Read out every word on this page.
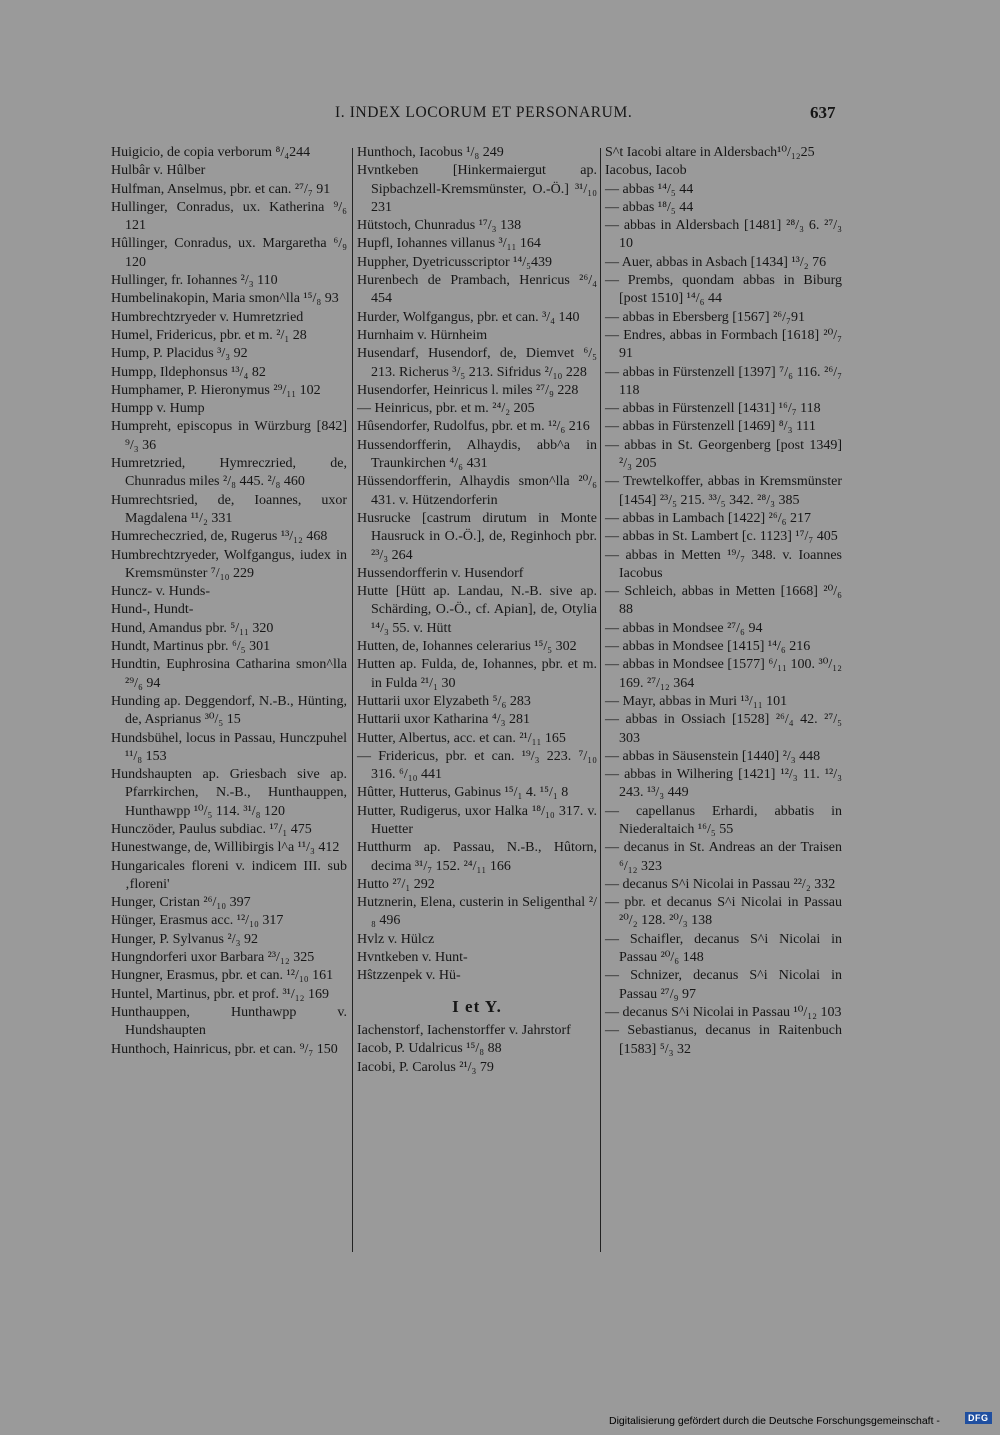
I. INDEX LOCORUM ET PERSONARUM.	637

Huigicio, de copia verborum ⁸/₄244

Hulbâr v. Hûlber

Hulfman, Anselmus, pbr. et can. ²⁷/₇ 91

Hullinger, Conradus, ux. Katherina ⁹/₆ 121

Hûllinger, Conradus, ux. Margaretha ⁶/₉ 120

Hullinger, fr. Iohannes ²/₃ 110

Humbelinakopin, Maria smon^lla ¹⁵/₈ 93

Humbrechtzryeder v. Humretzried

Humel, Fridericus, pbr. et m. ²/₁ 28

Hump, P. Placidus ³/₃ 92

Humpp, Ildephonsus ¹³/₄ 82

Humphamer, P. Hieronymus ²⁹/₁₁ 102

Humpp v. Hump

Humpreht, episcopus in Würzburg [842] ⁹/₃ 36

Humretzried, Hymreczried, de, Chunradus miles ²/₈ 445. ²/₈ 460

Humrechtsried, de, Ioannes, uxor Magdalena ¹¹/₂ 331

Humrecheczried, de, Rugerus ¹³/₁₂ 468

Humbrechtzryeder, Wolfgangus, iudex in Kremsmünster ⁷/₁₀ 229

Huncz- v. Hunds-

Hund-, Hundt-

Hund, Amandus pbr. ⁵/₁₁ 320

Hundt, Martinus pbr. ⁶/₅ 301

Hundtin, Euphrosina Catharina smon^lla ²⁹/₆ 94

Hunding ap. Deggendorf, N.-B., Hünting, de, Asprianus ³⁰/₅ 15

Hundsbühel, locus in Passau, Hunczpuhel ¹¹/₈ 153

Hundshaupten ap. Griesbach sive ap. Pfarrkirchen, N.-B., Hunthauppen, Hunthawpp ¹⁰/₅ 114. ³¹/₈ 120

Hunczöder, Paulus subdiac. ¹⁷/₁ 475

Hunestwange, de, Willibirgis l^a ¹¹/₃ 412

Hungaricales floreni v. indicem III. sub ‚floreni'

Hunger, Cristan ²⁶/₁₀ 397

Hünger, Erasmus acc. ¹²/₁₀ 317

Hunger, P. Sylvanus ²/₃ 92

Hungndorferi uxor Barbara ²³/₁₂ 325

Hungner, Erasmus, pbr. et can. ¹²/₁₀ 161

Huntel, Martinus, pbr. et prof. ³¹/₁₂ 169

Hunthauppen, Hunthawpp v. Hundshaupten

Hunthoch, Hainricus, pbr. et can. ⁹/₇ 150

Hunthoch, Iacobus ¹/₈ 249

Hvntkeben [Hinkermaiergut ap. Sipbachzell-Kremsmünster, O.-Ö.] ³¹/₁₀ 231

Hütstoch, Chunradus ¹⁷/₃ 138

Hupfl, Iohannes villanus ³/₁₁ 164

Huppher, Dyetricusscriptor ¹⁴/₅439

Hurenbech de Prambach, Henricus ²⁶/₄ 454

Hurder, Wolfgangus, pbr. et can. ³/₄ 140

Hurnhaim v. Hürnheim

Husendarf, Husendorf, de, Diemvet ⁶/₅ 213. Richerus ³/₅ 213. Sifridus ²/₁₀ 228

Husendorfer, Heinricus l. miles ²⁷/₉ 228

— Heinricus, pbr. et m. ²⁴/₂ 205

Hûsendorfer, Rudolfus, pbr. et m. ¹²/₆ 216

Hussendorfferin, Alhaydis, abb^a in Traunkirchen ⁴/₆ 431

Hüssendorfferin, Alhaydis smon^lla ²⁰/₆ 431. v. Hützendorferin

Husrucke [castrum dirutum in Monte Hausruck in O.-Ö.], de, Reginhoch pbr. ²³/₃ 264

Hussendorfferin v. Husendorf

Hutte [Hütt ap. Landau, N.-B. sive ap. Schärding, O.-Ö., cf. Apian], de, Otylia ¹⁴/₃ 55. v. Hütt

Hutten, de, Iohannes celerarius ¹⁵/₅ 302

Hutten ap. Fulda, de, Iohannes, pbr. et m. in Fulda ²¹/₁ 30

Huttarii uxor Elyzabeth ⁵/₆ 283

Huttarii uxor Katharina ⁴/₃ 281

Hutter, Albertus, acc. et can. ²¹/₁₁ 165

— Fridericus, pbr. et can. ¹⁹/₃ 223. ⁷/₁₀ 316. ⁶/₁₀ 441

Hûtter, Hutterus, Gabinus ¹⁵/₁ 4. ¹⁵/₁ 8

Hutter, Rudigerus, uxor Halka ¹⁸/₁₀ 317. v. Huetter

Hutthurm ap. Passau, N.-B., Hûtorn, decima ³¹/₇ 152. ²⁴/₁₁ 166

Hutto ²⁷/₁ 292

Hutznerin, Elena, custerin in Seligenthal ²/₈ 496

Hvlz v. Hülcz

Hvntkeben v. Hunt-

Hŝtzzenpek v. Hü-

I et Y.

Iachenstorf, Iachenstorffer v. Jahrstorf

Iacob, P. Udalricus ¹⁵/₈ 88

Iacobi, P. Carolus ²¹/₃ 79

S^t Iacobi altare in Aldersbach¹⁰/₁₂25

Iacobus, Iacob

— abbas ¹⁴/₅ 44

— abbas ¹⁸/₅ 44

— abbas in Aldersbach [1481] ²⁸/₃ 6. ²⁷/₃ 10

— Auer, abbas in Asbach [1434] ¹³/₂ 76

— Prembs, quondam abbas in Biburg [post 1510] ¹⁴/₆ 44

— abbas in Ebersberg [1567] ²⁶/₇91

— Endres, abbas in Formbach [1618] ²⁰/₇ 91

— abbas in Fürstenzell [1397] ⁷/₆ 116. ²⁶/₇ 118

— abbas in Fürstenzell [1431] ¹⁶/₇ 118

— abbas in Fürstenzell [1469] ⁸/₃ 111

— abbas in St. Georgenberg [post 1349] ²/₃ 205

— Trewtelkoffer, abbas in Kremsmünster [1454] ²³/₅ 215. ³³/₅ 342. ²⁸/₃ 385

— abbas in Lambach [1422] ²⁶/₆ 217

— abbas in St. Lambert [c. 1123] ¹⁷/₇ 405

— abbas in Metten ¹⁹/₇ 348. v. Ioannes Iacobus

— Schleich, abbas in Metten [1668] ²⁰/₆ 88

— abbas in Mondsee ²⁷/₆ 94

— abbas in Mondsee [1415] ¹⁴/₆ 216

— abbas in Mondsee [1577] ⁶/₁₁ 100. ³⁰/₁₂ 169. ²⁷/₁₂ 364

— Mayr, abbas in Muri ¹³/₁₁ 101

— abbas in Ossiach [1528] ²⁶/₄ 42. ²⁷/₅ 303

— abbas in Säusenstein [1440] ²/₃ 448

— abbas in Wilhering [1421] ¹²/₃ 11. ¹²/₃ 243. ¹³/₃ 449

— capellanus Erhardi, abbatis in Niederaltaich ¹⁶/₅ 55

— decanus in St. Andreas an der Traisen ⁶/₁₂ 323

— decanus S^i Nicolai in Passau ²²/₂ 332

— pbr. et decanus S^i Nicolai in Passau ²⁰/₂ 128. ²⁰/₃ 138

— Schaifler, decanus S^i Nicolai in Passau ²⁰/₆ 148

— Schnizer, decanus S^i Nicolai in Passau ²⁷/₉ 97

— decanus S^i Nicolai in Passau ¹⁰/₁₂ 103

— Sebastianus, decanus in Raitenbuch [1583] ⁵/₃ 32

Digitalisierung gefördert durch die Deutsche Forschungsgemeinschaft -	DFG
